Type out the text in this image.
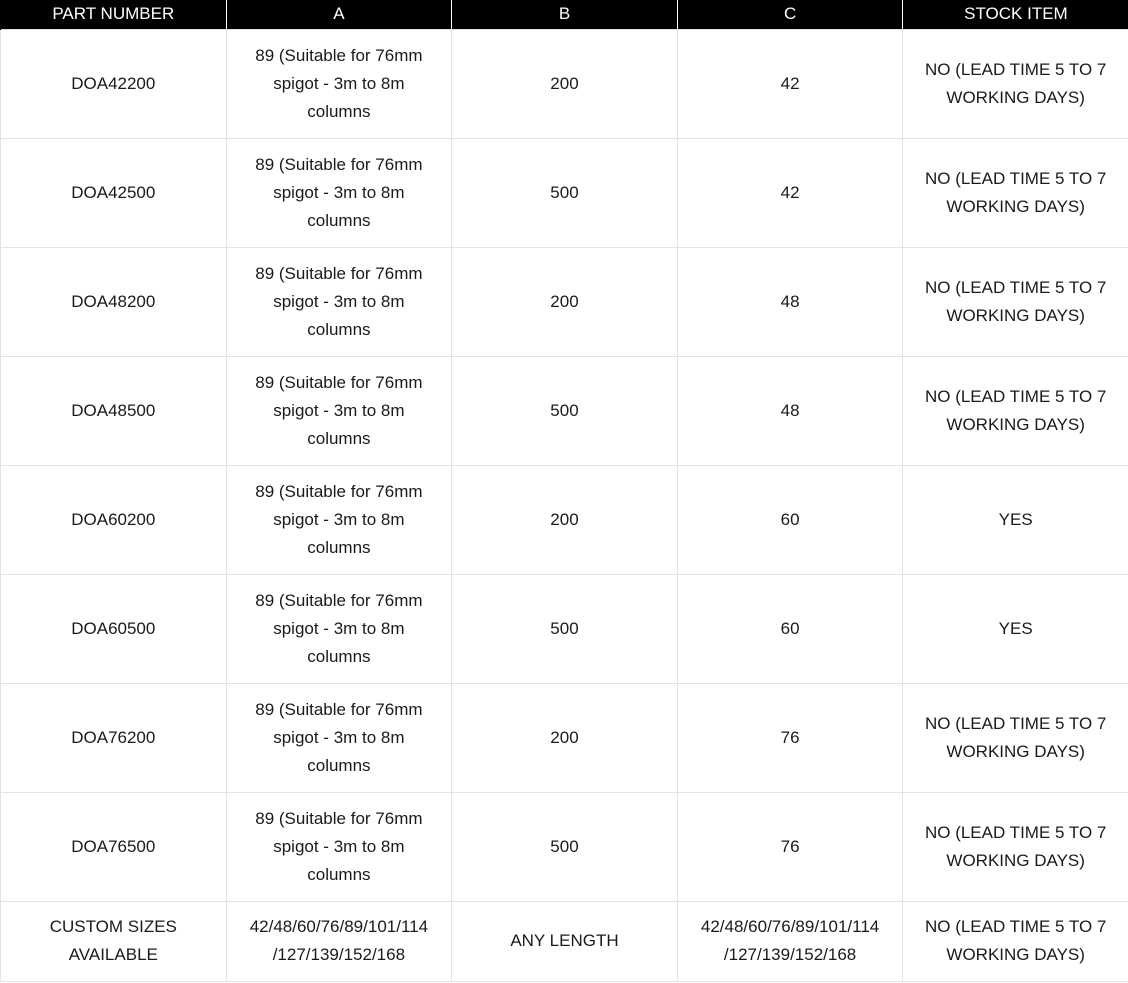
PART NUMBER	A	B	C	STOCK ITEM
DOA42200	89 (Suitable for 76mm spigot - 3m to 8m columns	200	42	NO (LEAD TIME 5 TO 7 WORKING DAYS)
DOA42500	89 (Suitable for 76mm spigot - 3m to 8m columns	500	42	NO (LEAD TIME 5 TO 7 WORKING DAYS)
DOA48200	89 (Suitable for 76mm spigot - 3m to 8m columns	200	48	NO (LEAD TIME 5 TO 7 WORKING DAYS)
DOA48500	89 (Suitable for 76mm spigot - 3m to 8m columns	500	48	NO (LEAD TIME 5 TO 7 WORKING DAYS)
DOA60200	89 (Suitable for 76mm spigot - 3m to 8m columns	200	60	YES
DOA60500	89 (Suitable for 76mm spigot - 3m to 8m columns	500	60	YES
DOA76200	89 (Suitable for 76mm spigot - 3m to 8m columns	200	76	NO (LEAD TIME 5 TO 7 WORKING DAYS)
DOA76500	89 (Suitable for 76mm spigot - 3m to 8m columns	500	76	NO (LEAD TIME 5 TO 7 WORKING DAYS)
CUSTOM SIZES AVAILABLE	42/48/60/76/89/101/114 /127/139/152/168	ANY LENGTH	42/48/60/76/89/101/114 /127/139/152/168	NO (LEAD TIME 5 TO 7 WORKING DAYS)
